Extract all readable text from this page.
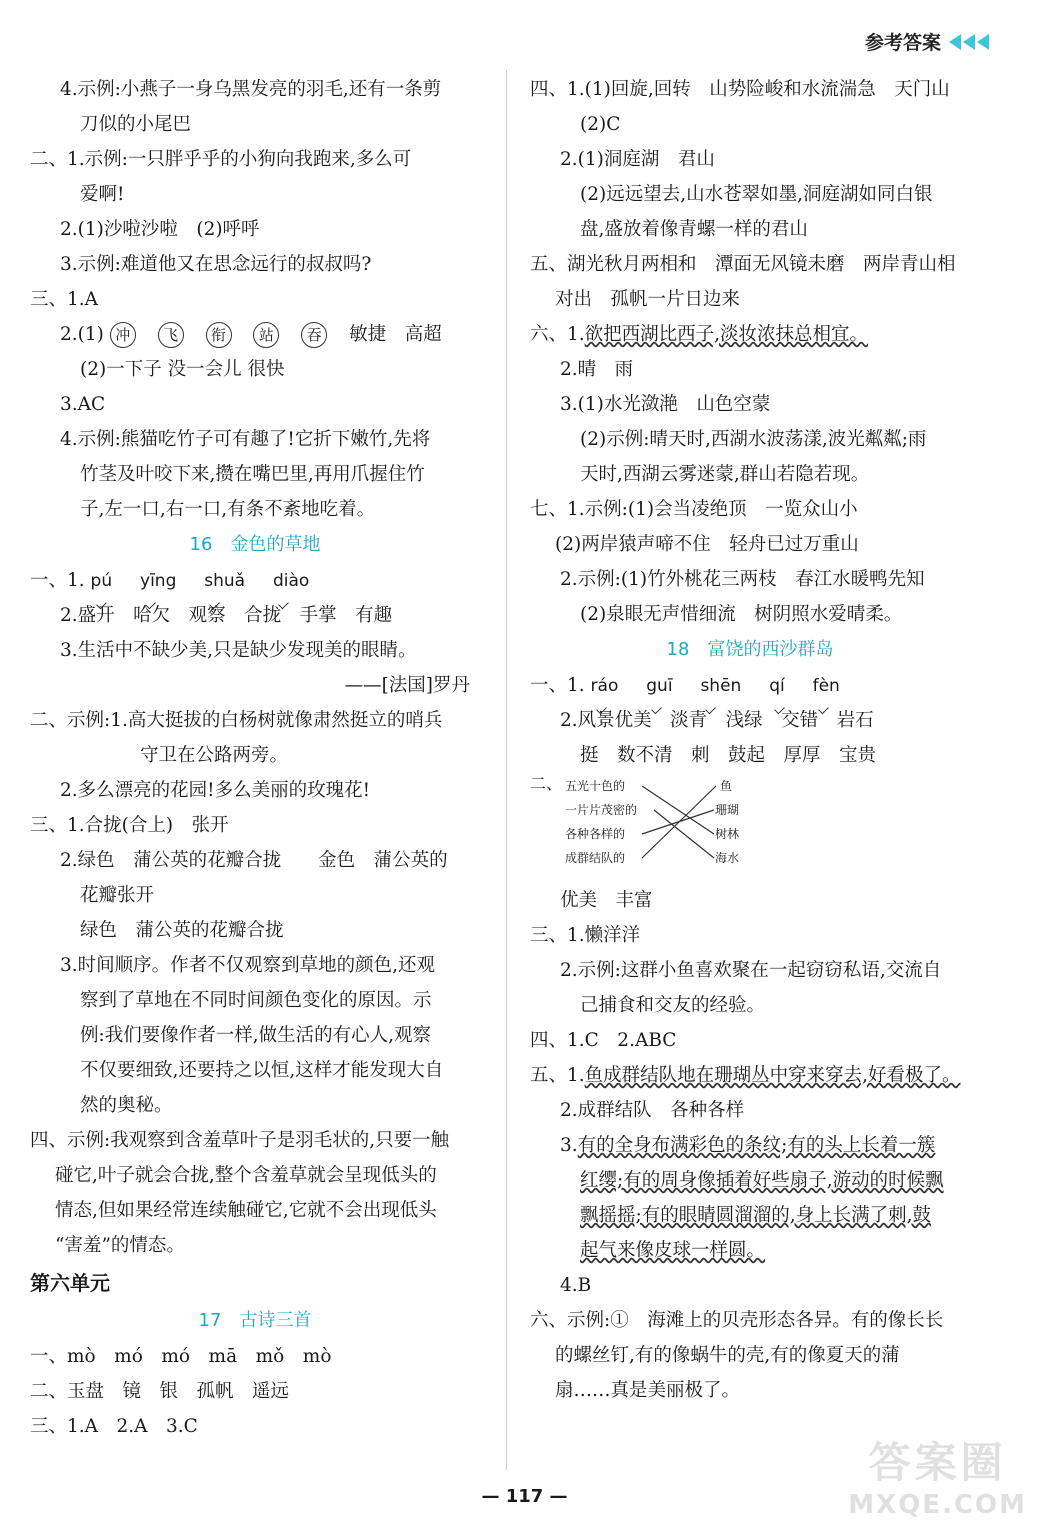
参考答案
4.示例:小燕子一身乌黑发亮的羽毛,还有一条剪
刀似的小尾巴
二、1.示例:一只胖乎乎的小狗向我跑来,多么可
爱啊!
2.(1)沙啦沙啦　(2)呼呼
3.示例:难道他又在思念远行的叔叔吗?
三、1.A
2.(1) 冲 飞 衔 站 吞 敏捷　高超
(2)一下子 没一会儿 很快
3.AC
4.示例:熊猫吃竹子可有趣了!它折下嫩竹,先将
竹茎及叶咬下来,攒在嘴巴里,再用爪握住竹
子,左一口,右一口,有条不紊地吃着。
16　金色的草地
一、1. pú yīng shuǎ diào
2.盛开　哈欠　观察　合拢　手掌　有趣
3.生活中不缺少美,只是缺少发现美的眼睛。
——[法国]罗丹
二、示例:1.高大挺拔的白杨树就像肃然挺立的哨兵
守卫在公路两旁。
2.多么漂亮的花园!多么美丽的玫瑰花!
三、1.合拢(合上)　张开
2.绿色　蒲公英的花瓣合拢　　金色　蒲公英的
花瓣张开
绿色　蒲公英的花瓣合拢
3.时间顺序。作者不仅观察到草地的颜色,还观
察到了草地在不同时间颜色变化的原因。示
例:我们要像作者一样,做生活的有心人,观察
不仅要细致,还要持之以恒,这样才能发现大自
然的奥秘。
四、示例:我观察到含羞草叶子是羽毛状的,只要一触
碰它,叶子就会合拢,整个含羞草就会呈现低头的
情态,但如果经常连续触碰它,它就不会出现低头
“害羞”的情态。
第六单元
17　古诗三首
一、mò　mó　mó　mā　mǒ　mò
二、玉盘　镜　银　孤帆　遥远
三、1.A　2.A　3.C
四、1.(1)回旋,回转　山势险峻和水流湍急　天门山
(2)C
2.(1)洞庭湖　君山
(2)远远望去,山水苍翠如墨,洞庭湖如同白银
盘,盛放着像青螺一样的君山
五、湖光秋月两相和　潭面无风镜未磨　两岸青山相
对出　孤帆一片日边来
六、1.欲把西湖比西子,淡妆浓抹总相宜。
2.晴　雨
3.(1)水光潋滟　山色空蒙
(2)示例:晴天时,西湖水波荡漾,波光粼粼;雨
天时,西湖云雾迷蒙,群山若隐若现。
七、1.示例:(1)会当凌绝顶　一览众山小
(2)两岸猿声啼不住　轻舟已过万重山
2.示例:(1)竹外桃花三两枝　春江水暖鸭先知
(2)泉眼无声惜细流　树阴照水爱晴柔。
18　富饶的西沙群岛
一、1. ráo guī shēn qí fèn
2.风景优美　淡青　浅绿　交错　岩石
挺　数不清　刺　鼓起　厚厚　宝贵
二、 五光十色的
一片片茂密的
各种各样的
成群结队的
鱼
珊瑚
树林
海水
优美　丰富
三、1.懒洋洋
2.示例:这群小鱼喜欢聚在一起窃窃私语,交流自
己捕食和交友的经验。
四、1.C　2.ABC
五、1.鱼成群结队地在珊瑚丛中穿来穿去,好看极了。
2.成群结队　各种各样
3.有的全身布满彩色的条纹;有的头上长着一簇
红缨;有的周身像插着好些扇子,游动的时候飘
飘摇摇;有的眼睛圆溜溜的,身上长满了刺,鼓
起气来像皮球一样圆。
4.B
六、示例:①　海滩上的贝壳形态各异。有的像长长
的螺丝钉,有的像蜗牛的壳,有的像夏天的蒲
扇……真是美丽极了。
— 117 —
答案圈
MXQE.COM
